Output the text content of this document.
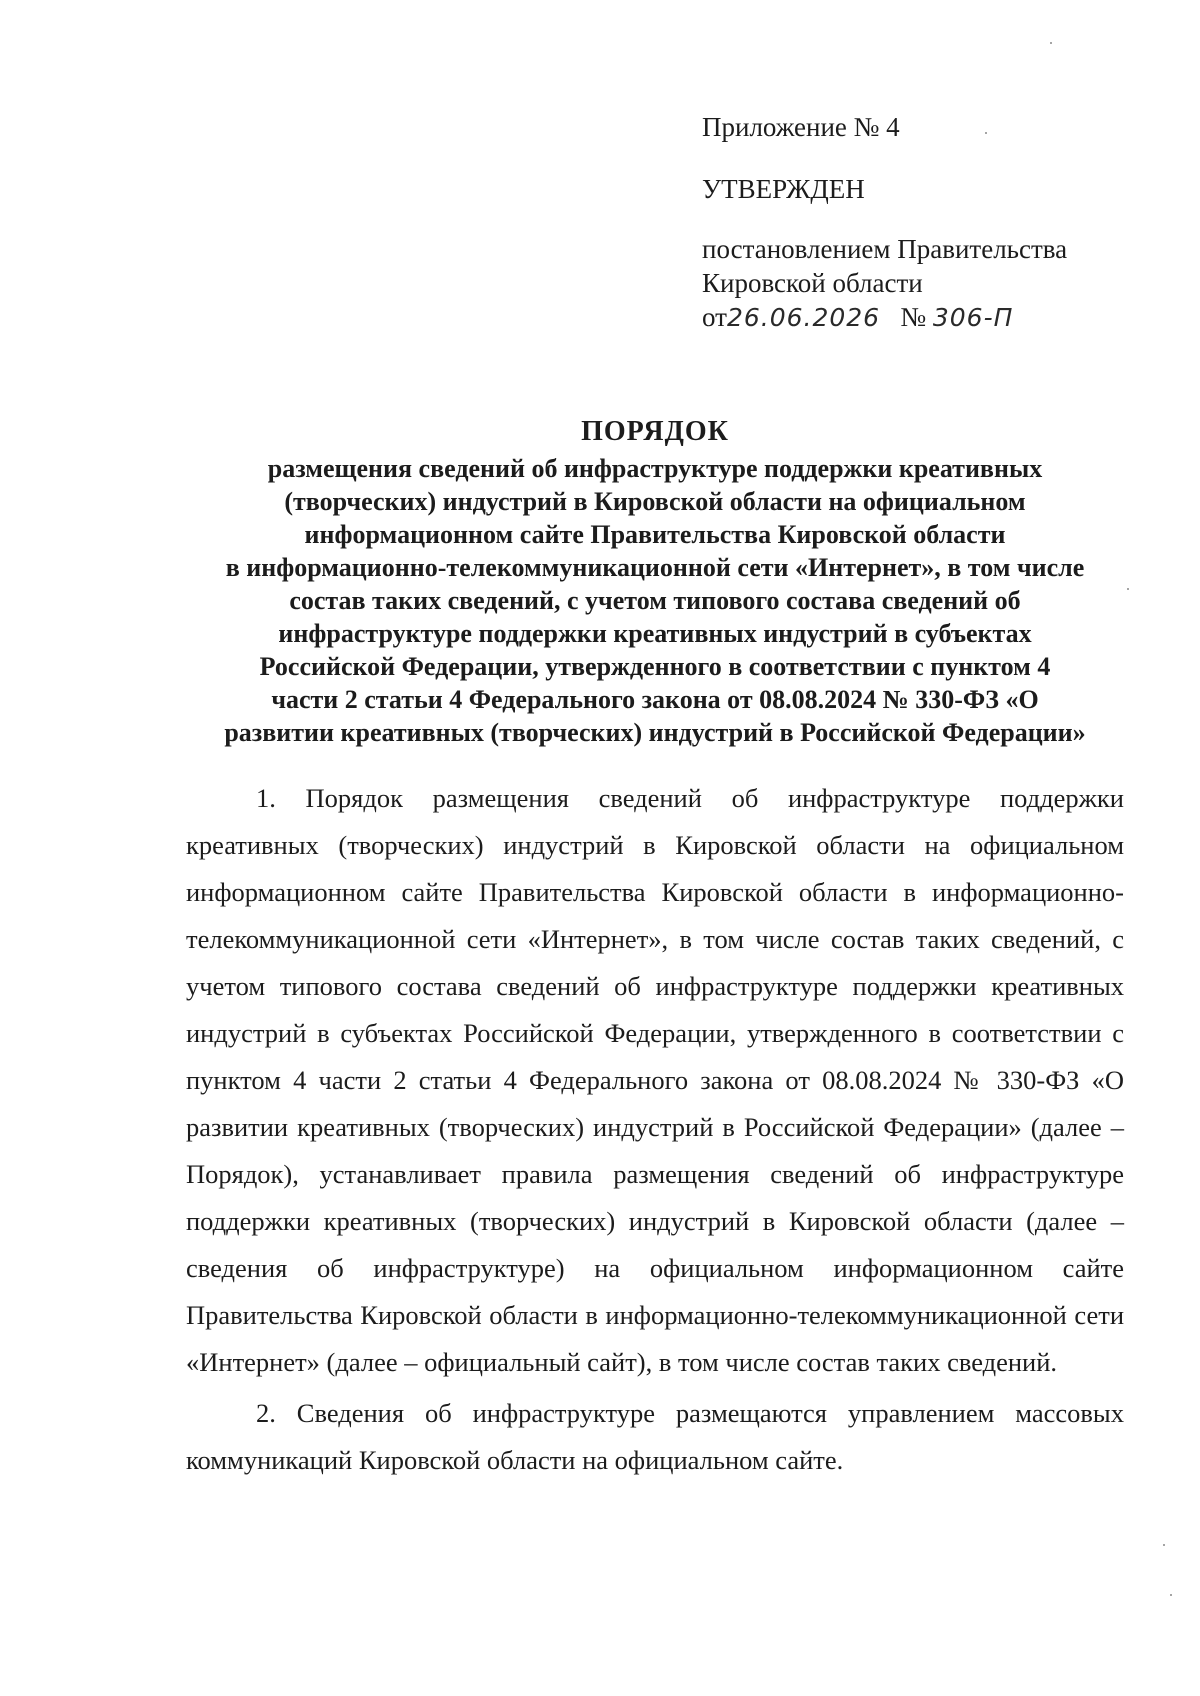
Приложение № 4
УТВЕРЖДЕН
постановлением Правительства
Кировской области
от26.06.2026 № 306-П
ПОРЯДОК
размещения сведений об инфраструктуре поддержки креативных
(творческих) индустрий в Кировской области на официальном
информационном сайте Правительства Кировской области
в информационно-телекоммуникационной сети «Интернет», в том числе
состав таких сведений, с учетом типового состава сведений об
инфраструктуре поддержки креативных индустрий в субъектах
Российской Федерации, утвержденного в соответствии с пунктом 4
части 2 статьи 4 Федерального закона от 08.08.2024 № 330-ФЗ «О
развитии креативных (творческих) индустрий в Российской Федерации»

1. Порядок размещения сведений об инфраструктуре поддержки креативных (творческих) индустрий в Кировской области на официальном информационном сайте Правительства Кировской области в информационно-телекоммуникационной сети «Интернет», в том числе состав таких сведений, с учетом типового состава сведений об инфраструктуре поддержки креативных индустрий в субъектах Российской Федерации, утвержденного в соответствии с пунктом 4 части 2 статьи 4 Федерального закона от 08.08.2024 № 330-ФЗ «О развитии креативных (творческих) индустрий в Российской Федерации» (далее – Порядок), устанавливает правила размещения сведений об инфраструктуре поддержки креативных (творческих) индустрий в Кировской области (далее – сведения об инфраструктуре) на официальном информационном сайте Правительства Кировской области в информационно-телекоммуникационной сети «Интернет» (далее – официальный сайт), в том числе состав таких сведений.

2. Сведения об инфраструктуре размещаются управлением массовых коммуникаций Кировской области на официальном сайте.
